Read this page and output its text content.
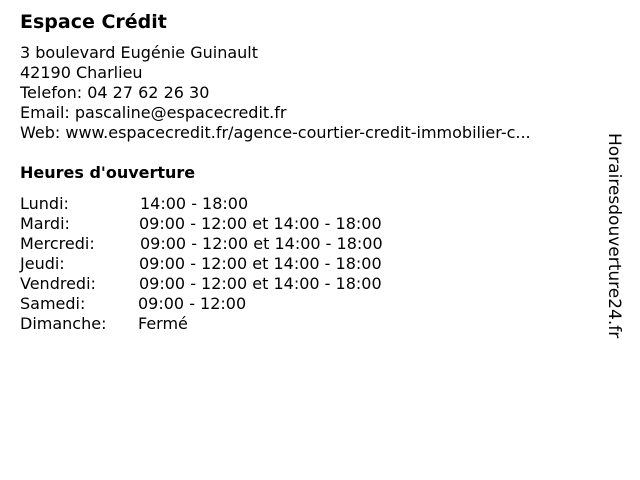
Espace Crédit
3 boulevard Eugénie Guinault
42190 Charlieu
Telefon: 04 27 62 26 30
Email: pascaline@espacecredit.fr
Web: www.espacecredit.fr/agence-courtier-credit-immobilier-c...
Heures d'ouverture
Lundi:	14:00 - 18:00
Mardi:	09:00 - 12:00 et 14:00 - 18:00
Mercredi:	09:00 - 12:00 et 14:00 - 18:00
Jeudi:	09:00 - 12:00 et 14:00 - 18:00
Vendredi:	09:00 - 12:00 et 14:00 - 18:00
Samedi:	09:00 - 12:00
Dimanche: Fermé	Horairesdouverture24.fr
